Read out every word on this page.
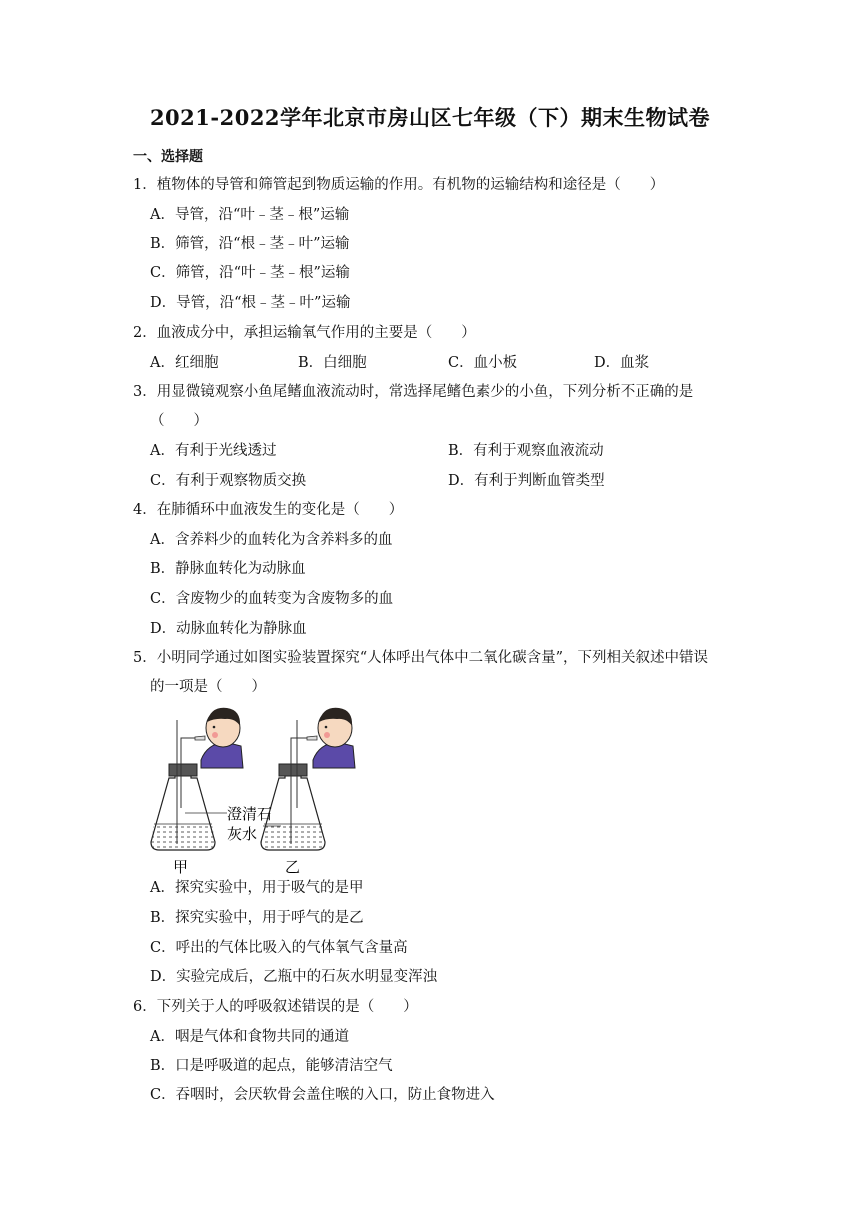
2021-2022学年北京市房山区七年级（下）期末生物试卷
一、选择题
1．植物体的导管和筛管起到物质运输的作用。有机物的运输结构和途径是（　　）
A．导管，沿“叶﹣茎﹣根”运输
B．筛管，沿“根﹣茎﹣叶”运输
C．筛管，沿“叶﹣茎﹣根”运输
D．导管，沿“根﹣茎﹣叶”运输
2．血液成分中，承担运输氧气作用的主要是（　　）
A．红细胞	B．白细胞	C．血小板	D．血浆
3．用显微镜观察小鱼尾鳍血液流动时，常选择尾鳍色素少的小鱼，下列分析不正确的是
（　　）
A．有利于光线透过	B．有利于观察血液流动
C．有利于观察物质交换	D．有利于判断血管类型
4．在肺循环中血液发生的变化是（　　）
A．含养料少的血转化为含养料多的血
B．静脉血转化为动脉血
C．含废物少的血转变为含废物多的血
D．动脉血转化为静脉血
5．小明同学通过如图实验装置探究“人体呼出气体中二氧化碳含量”，下列相关叙述中错误
的一项是（　　）
澄清石 灰水
甲	乙
A．探究实验中，用于吸气的是甲
B．探究实验中，用于呼气的是乙
C．呼出的气体比吸入的气体氧气含量高
D．实验完成后，乙瓶中的石灰水明显变浑浊
6．下列关于人的呼吸叙述错误的是（　　）
A．咽是气体和食物共同的通道
B．口是呼吸道的起点，能够清洁空气
C．吞咽时，会厌软骨会盖住喉的入口，防止食物进入
